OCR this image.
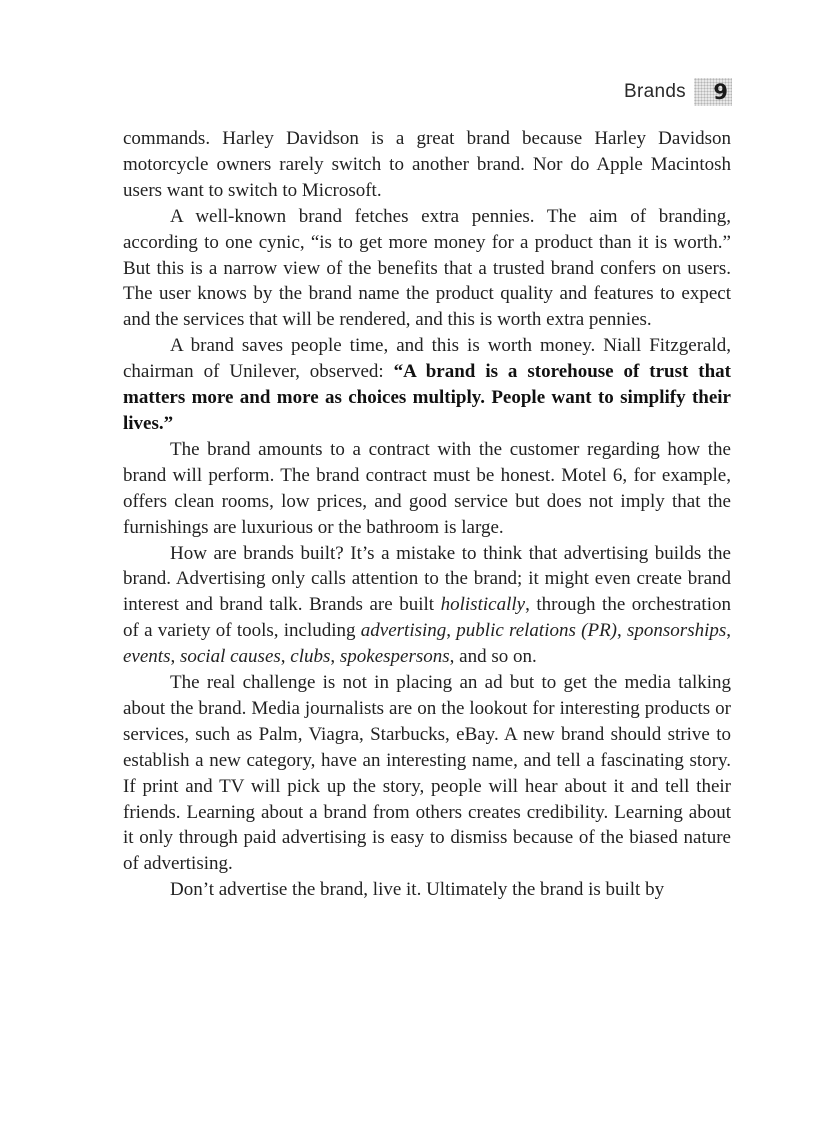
Brands	9

commands. Harley Davidson is a great brand because Harley Davidson motorcycle owners rarely switch to another brand. Nor do Apple Macintosh users want to switch to Microsoft.

A well-known brand fetches extra pennies. The aim of branding, according to one cynic, “is to get more money for a product than it is worth.” But this is a narrow view of the benefits that a trusted brand confers on users. The user knows by the brand name the product quality and features to expect and the services that will be rendered, and this is worth extra pennies.

A brand saves people time, and this is worth money. Niall Fitzgerald, chairman of Unilever, observed: “A brand is a storehouse of trust that matters more and more as choices multiply. People want to simplify their lives.”

The brand amounts to a contract with the customer regarding how the brand will perform. The brand contract must be honest. Motel 6, for example, offers clean rooms, low prices, and good service but does not imply that the furnishings are luxurious or the bathroom is large.

How are brands built? It’s a mistake to think that advertising builds the brand. Advertising only calls attention to the brand; it might even create brand interest and brand talk. Brands are built holistically, through the orchestration of a variety of tools, including advertising, public relations (PR), sponsorships, events, social causes, clubs, spokespersons, and so on.

The real challenge is not in placing an ad but to get the media talking about the brand. Media journalists are on the lookout for interesting products or services, such as Palm, Viagra, Starbucks, eBay. A new brand should strive to establish a new category, have an interesting name, and tell a fascinating story. If print and TV will pick up the story, people will hear about it and tell their friends. Learning about a brand from others creates credibility. Learning about it only through paid advertising is easy to dismiss because of the biased nature of advertising.

Don’t advertise the brand, live it. Ultimately the brand is built by
